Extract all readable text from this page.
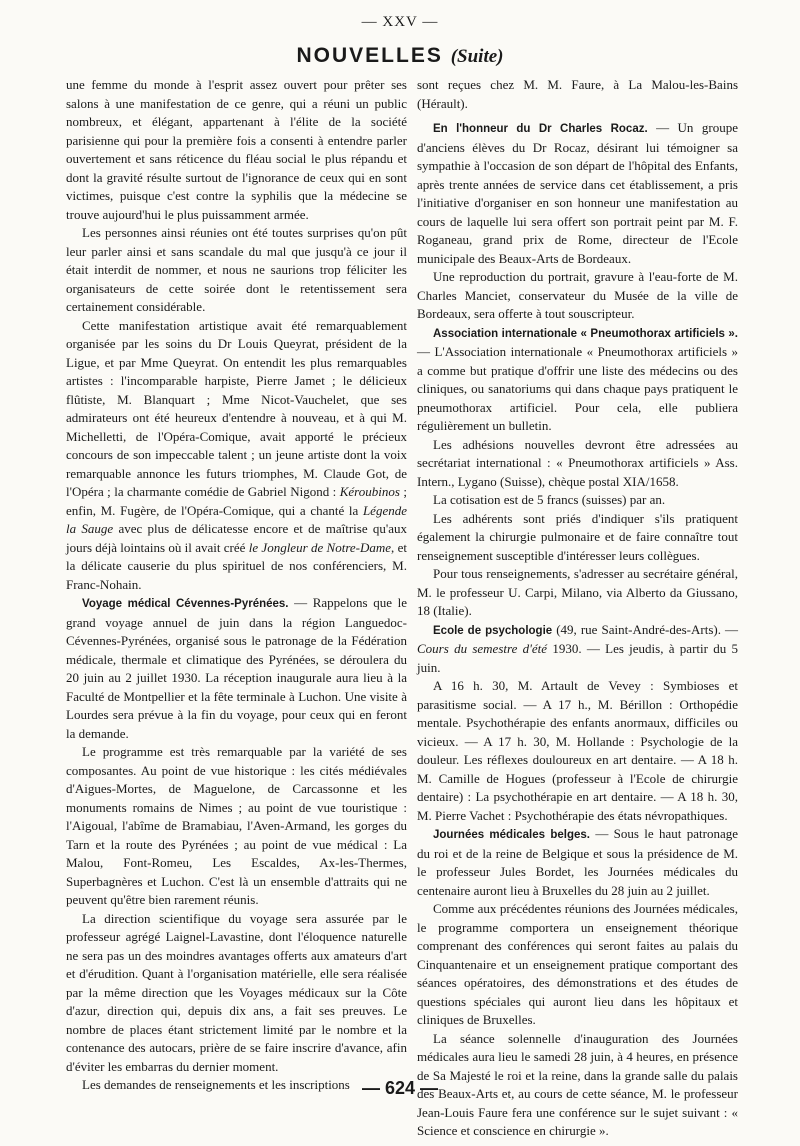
— XXV —
NOUVELLES (Suite)

une femme du monde à l'esprit assez ouvert pour prêter ses salons à une manifestation de ce genre, qui a réuni un public nombreux, et élégant, appartenant à l'élite de la société parisienne qui pour la première fois a consenti à entendre parler ouvertement et sans réticence du fléau social le plus répandu et dont la gravité résulte surtout de l'ignorance de ceux qui en sont victimes, puisque c'est contre la syphilis que la médecine se trouve aujourd'hui le plus puissamment armée.

Les personnes ainsi réunies ont été toutes surprises qu'on pût leur parler ainsi et sans scandale du mal que jusqu'à ce jour il était interdit de nommer, et nous ne saurions trop féliciter les organisateurs de cette soirée dont le retentissement sera certainement considérable.

Cette manifestation artistique avait été remarquablement organisée par les soins du Dr Louis Queyrat, président de la Ligue, et par Mme Queyrat. On entendit les plus remarquables artistes : l'incomparable harpiste, Pierre Jamet ; le délicieux flûtiste, M. Blanquart ; Mme Nicot-Vauchelet, que ses admirateurs ont été heureux d'entendre à nouveau, et à qui M. Michelletti, de l'Opéra-Comique, avait apporté le précieux concours de son impeccable talent ; un jeune artiste dont la voix remarquable annonce les futurs triomphes, M. Claude Got, de l'Opéra ; la charmante comédie de Gabriel Nigond : Kéroubinos ; enfin, M. Fugère, de l'Opéra-Comique, qui a chanté la Légende la Sauge avec plus de délicatesse encore et de maîtrise qu'aux jours déjà lointains où il avait créé le Jongleur de Notre-Dame, et la délicate causerie du plus spirituel de nos conférenciers, M. Franc-Nohain.

Voyage médical Cévennes-Pyrénées. — Rappelons que le grand voyage annuel de juin dans la région Languedoc-Cévennes-Pyrénées, organisé sous le patronage de la Fédération médicale, thermale et climatique des Pyrénées, se déroulera du 20 juin au 2 juillet 1930. La réception inaugurale aura lieu à la Faculté de Montpellier et la fête terminale à Luchon. Une visite à Lourdes sera prévue à la fin du voyage, pour ceux qui en feront la demande.

Le programme est très remarquable par la variété de ses composantes. Au point de vue historique : les cités médiévales d'Aigues-Mortes, de Maguelone, de Carcassonne et les monuments romains de Nimes ; au point de vue touristique : l'Aigoual, l'abîme de Bramabiau, l'Aven-Armand, les gorges du Tarn et la route des Pyrénées ; au point de vue médical : La Malou, Font-Romeu, Les Escaldes, Ax-les-Thermes, Superbagnères et Luchon. C'est là un ensemble d'attraits qui ne peuvent qu'être bien rarement réunis.

La direction scientifique du voyage sera assurée par le professeur agrégé Laignel-Lavastine, dont l'éloquence naturelle ne sera pas un des moindres avantages offerts aux amateurs d'art et d'érudition. Quant à l'organisation matérielle, elle sera réalisée par la même direction que les Voyages médicaux sur la Côte d'azur, direction qui, depuis dix ans, a fait ses preuves. Le nombre de places étant strictement limité par le nombre et la contenance des autocars, prière de se faire inscrire d'avance, afin d'éviter les embarras du dernier moment.

Les demandes de renseignements et les inscriptions

sont reçues chez M. M. Faure, à La Malou-les-Bains (Hérault).

En l'honneur du Dr Charles Rocaz. — Un groupe d'anciens élèves du Dr Rocaz, désirant lui témoigner sa sympathie à l'occasion de son départ de l'hôpital des Enfants, après trente années de service dans cet établissement, a pris l'initiative d'organiser en son honneur une manifestation au cours de laquelle lui sera offert son portrait peint par M. F. Roganeau, grand prix de Rome, directeur de l'Ecole municipale des Beaux-Arts de Bordeaux.

Une reproduction du portrait, gravure à l'eau-forte de M. Charles Manciet, conservateur du Musée de la ville de Bordeaux, sera offerte à tout souscripteur.

Association internationale « Pneumothorax artificiels ». — L'Association internationale « Pneumothorax artificiels » a comme but pratique d'offrir une liste des médecins ou des cliniques, ou sanatoriums qui dans chaque pays pratiquent le pneumothorax artificiel. Pour cela, elle publiera régulièrement un bulletin.

Les adhésions nouvelles devront être adressées au secrétariat international : « Pneumothorax artificiels » Ass. Intern., Lygano (Suisse), chèque postal XIA/1658.

La cotisation est de 5 francs (suisses) par an.

Les adhérents sont priés d'indiquer s'ils pratiquent également la chirurgie pulmonaire et de faire connaître tout renseignement susceptible d'intéresser leurs collègues.

Pour tous renseignements, s'adresser au secrétaire général, M. le professeur U. Carpi, Milano, via Alberto da Giussano, 18 (Italie).

Ecole de psychologie (49, rue Saint-André-des-Arts). — Cours du semestre d'été 1930. — Les jeudis, à partir du 5 juin.

A 16 h. 30, M. Artault de Vevey : Symbioses et parasitisme social. — A 17 h., M. Bérillon : Orthopédie mentale. Psychothérapie des enfants anormaux, difficiles ou vicieux. — A 17 h. 30, M. Hollande : Psychologie de la douleur. Les réflexes douloureux en art dentaire. — A 18 h. M. Camille de Hogues (professeur à l'Ecole de chirurgie dentaire) : La psychothérapie en art dentaire. — A 18 h. 30, M. Pierre Vachet : Psychothérapie des états névropathiques.

Journées médicales belges. — Sous le haut patronage du roi et de la reine de Belgique et sous la présidence de M. le professeur Jules Bordet, les Journées médicales du centenaire auront lieu à Bruxelles du 28 juin au 2 juillet.

Comme aux précédentes réunions des Journées médicales, le programme comportera un enseignement théorique comprenant des conférences qui seront faites au palais du Cinquantenaire et un enseignement pratique comportant des séances opératoires, des démonstrations et des études de questions spéciales qui auront lieu dans les hôpitaux et cliniques de Bruxelles.

La séance solennelle d'inauguration des Journées médicales aura lieu le samedi 28 juin, à 4 heures, en présence de Sa Majesté le roi et la reine, dans la grande salle du palais des Beaux-Arts et, au cours de cette séance, M. le professeur Jean-Louis Faure fera une conférence sur le sujet suivant : « Science et conscience en chirurgie ».

— 624 —
